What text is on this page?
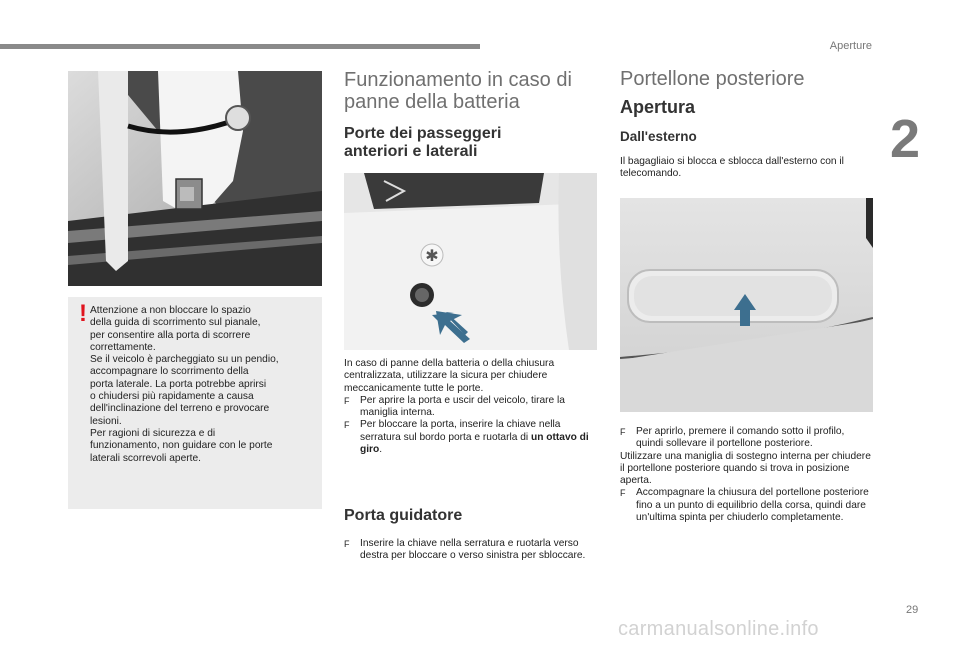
Aperture
2
29
carmanualsonline.info
! Attenzione a non bloccare lo spazio
della guida di scorrimento sul pianale,
per consentire alla porta di scorrere
correttamente.
Se il veicolo è parcheggiato su un pendio,
accompagnare lo scorrimento della
porta laterale. La porta potrebbe aprirsi
o chiudersi più rapidamente a causa
dell'inclinazione del terreno e provocare
lesioni.
Per ragioni di sicurezza e di
funzionamento, non guidare con le porte
laterali scorrevoli aperte.
Funzionamento in caso di
panne della batteria
Porte dei passeggeri
anteriori e laterali
✱

In caso di panne della batteria o della chiusura centralizzata, utilizzare la sicura per chiudere meccanicamente tutte le porte.

F	Per aprire la porta e uscir del veicolo, tirare la maniglia interna.
F	Per bloccare la porta, inserire la chiave nella serratura sul bordo porta e ruotarla di un ottavo di giro.
Porta guidatore
F	Inserire la chiave nella serratura e ruotarla verso destra per bloccare o verso sinistra per sbloccare.
Portellone posteriore
Apertura
Dall'esterno
Il bagagliaio si blocca e sblocca dall'esterno con il telecomando.
F	Per aprirlo, premere il comando sotto il profilo, quindi sollevare il portellone posteriore.

Utilizzare una maniglia di sostegno interna per chiudere il portellone posteriore quando si trova in posizione aperta.

F	Accompagnare la chiusura del portellone posteriore fino a un punto di equilibrio della corsa, quindi dare un'ultima spinta per chiuderlo completamente.
